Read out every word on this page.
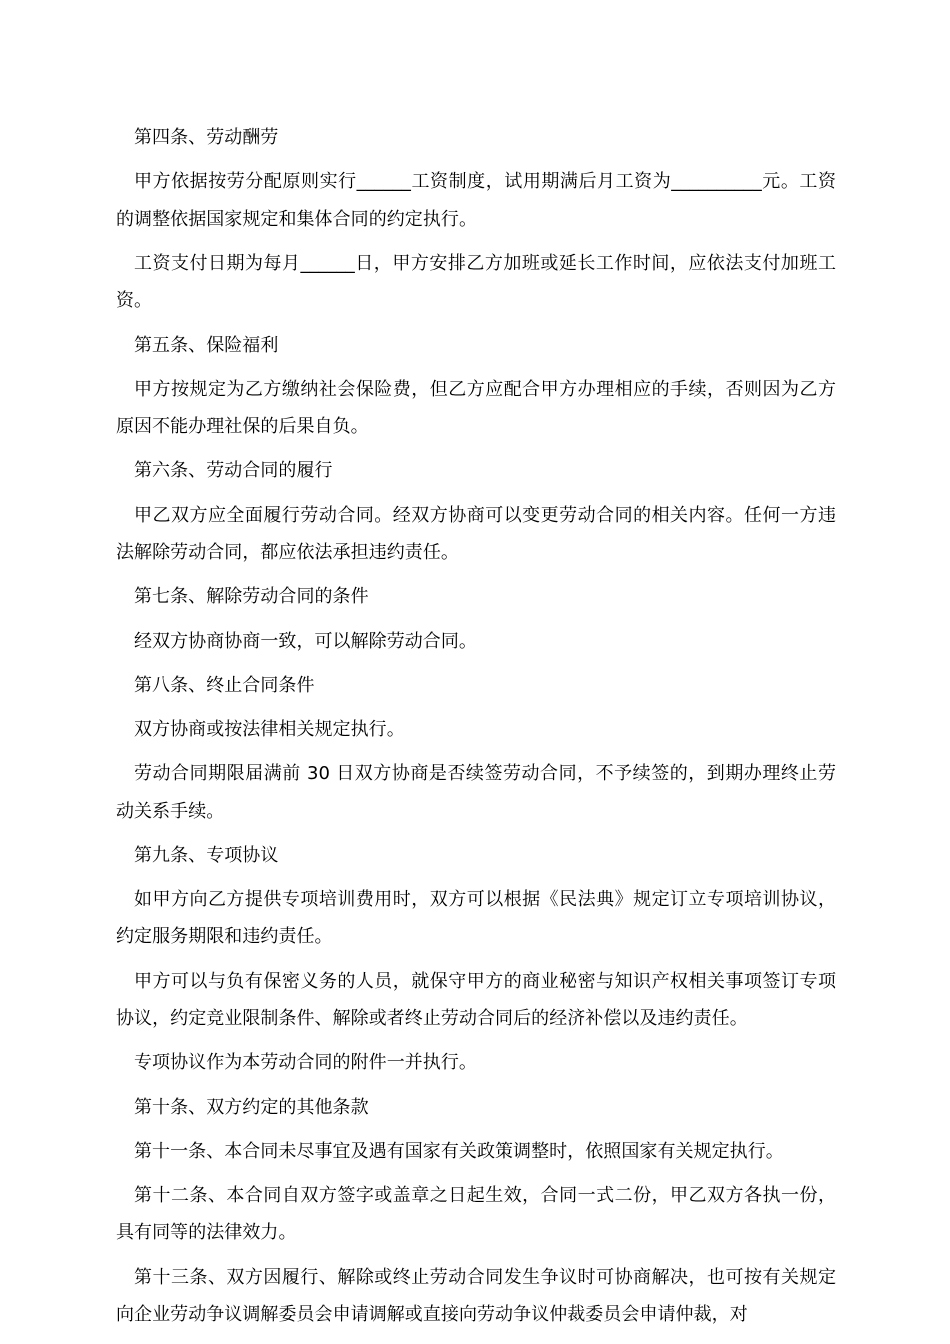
第四条、劳动酬劳

甲方依据按劳分配原则实行______工资制度，试用期满后月工资为__________元。工资的调整依据国家规定和集体合同的约定执行。

工资支付日期为每月______日，甲方安排乙方加班或延长工作时间，应依法支付加班工资。

第五条、保险福利

甲方按规定为乙方缴纳社会保险费，但乙方应配合甲方办理相应的手续，否则因为乙方原因不能办理社保的后果自负。

第六条、劳动合同的履行

甲乙双方应全面履行劳动合同。经双方协商可以变更劳动合同的相关内容。任何一方违法解除劳动合同，都应依法承担违约责任。

第七条、解除劳动合同的条件

经双方协商协商一致，可以解除劳动合同。

第八条、终止合同条件

双方协商或按法律相关规定执行。

劳动合同期限届满前 30 日双方协商是否续签劳动合同，不予续签的，到期办理终止劳动关系手续。

第九条、专项协议

如甲方向乙方提供专项培训费用时，双方可以根据《民法典》规定订立专项培训协议，约定服务期限和违约责任。

甲方可以与负有保密义务的人员，就保守甲方的商业秘密与知识产权相关事项签订专项协议，约定竞业限制条件、解除或者终止劳动合同后的经济补偿以及违约责任。

专项协议作为本劳动合同的附件一并执行。

第十条、双方约定的其他条款

第十一条、本合同未尽事宜及遇有国家有关政策调整时，依照国家有关规定执行。

第十二条、本合同自双方签字或盖章之日起生效，合同一式二份，甲乙双方各执一份，具有同等的法律效力。

第十三条、双方因履行、解除或终止劳动合同发生争议时可协商解决，也可按有关规定向企业劳动争议调解委员会申请调解或直接向劳动争议仲裁委员会申请仲裁，对
